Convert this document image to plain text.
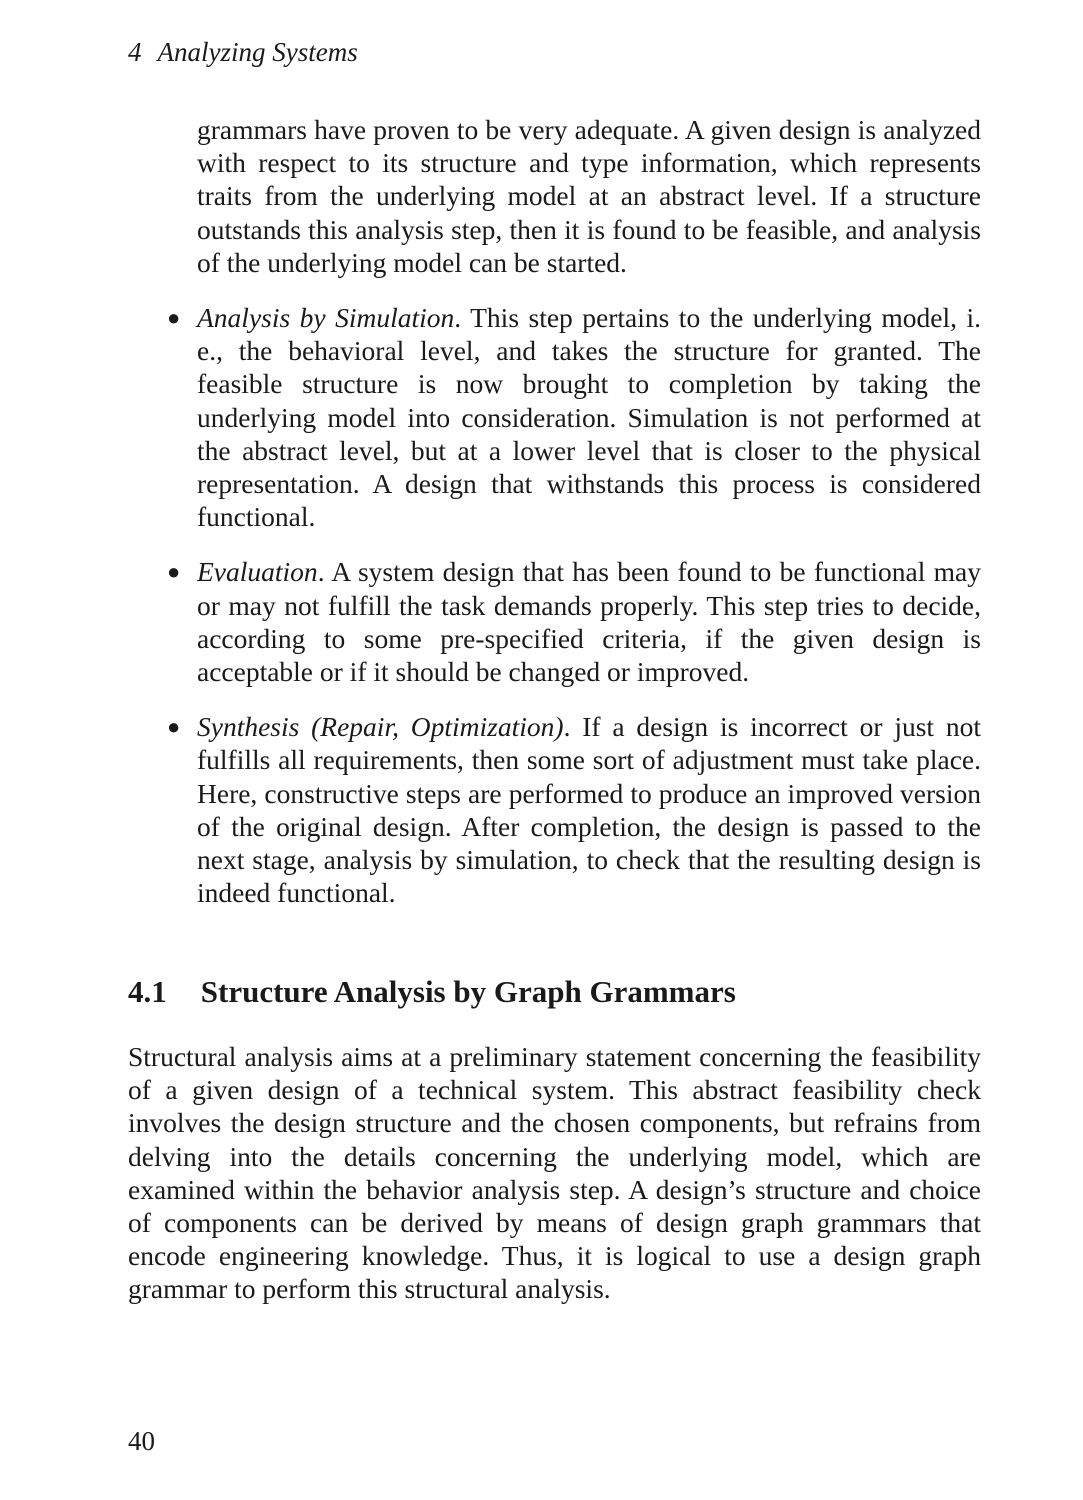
4 Analyzing Systems

grammars have proven to be very adequate. A given design is analyzed with respect to its structure and type information, which represents traits from the underlying model at an abstract level. If a structure outstands this analysis step, then it is found to be feasible, and analysis of the underlying model can be started.

● Analysis by Simulation. This step pertains to the underlying model, i. e., the behavioral level, and takes the structure for granted. The feasible structure is now brought to completion by taking the underlying model into consideration. Simulation is not performed at the abstract level, but at a lower level that is closer to the physical representation. A design that withstands this process is considered functional.
● Evaluation. A system design that has been found to be functional may or may not fulfill the task demands properly. This step tries to decide, according to some pre-specified criteria, if the given design is acceptable or if it should be changed or improved.
● Synthesis (Repair, Optimization). If a design is incorrect or just not fulfills all requirements, then some sort of adjustment must take place. Here, constructive steps are performed to produce an improved version of the original design. After completion, the design is passed to the next stage, analysis by simulation, to check that the resulting design is indeed functional.
4.1 Structure Analysis by Graph Grammars

Structural analysis aims at a preliminary statement concerning the feasibility of a given design of a technical system. This abstract feasibility check involves the design structure and the chosen components, but refrains from delving into the details concerning the underlying model, which are examined within the behavior analysis step. A design’s structure and choice of components can be derived by means of design graph grammars that encode engineering knowledge. Thus, it is logical to use a design graph grammar to perform this structural analysis.

40
